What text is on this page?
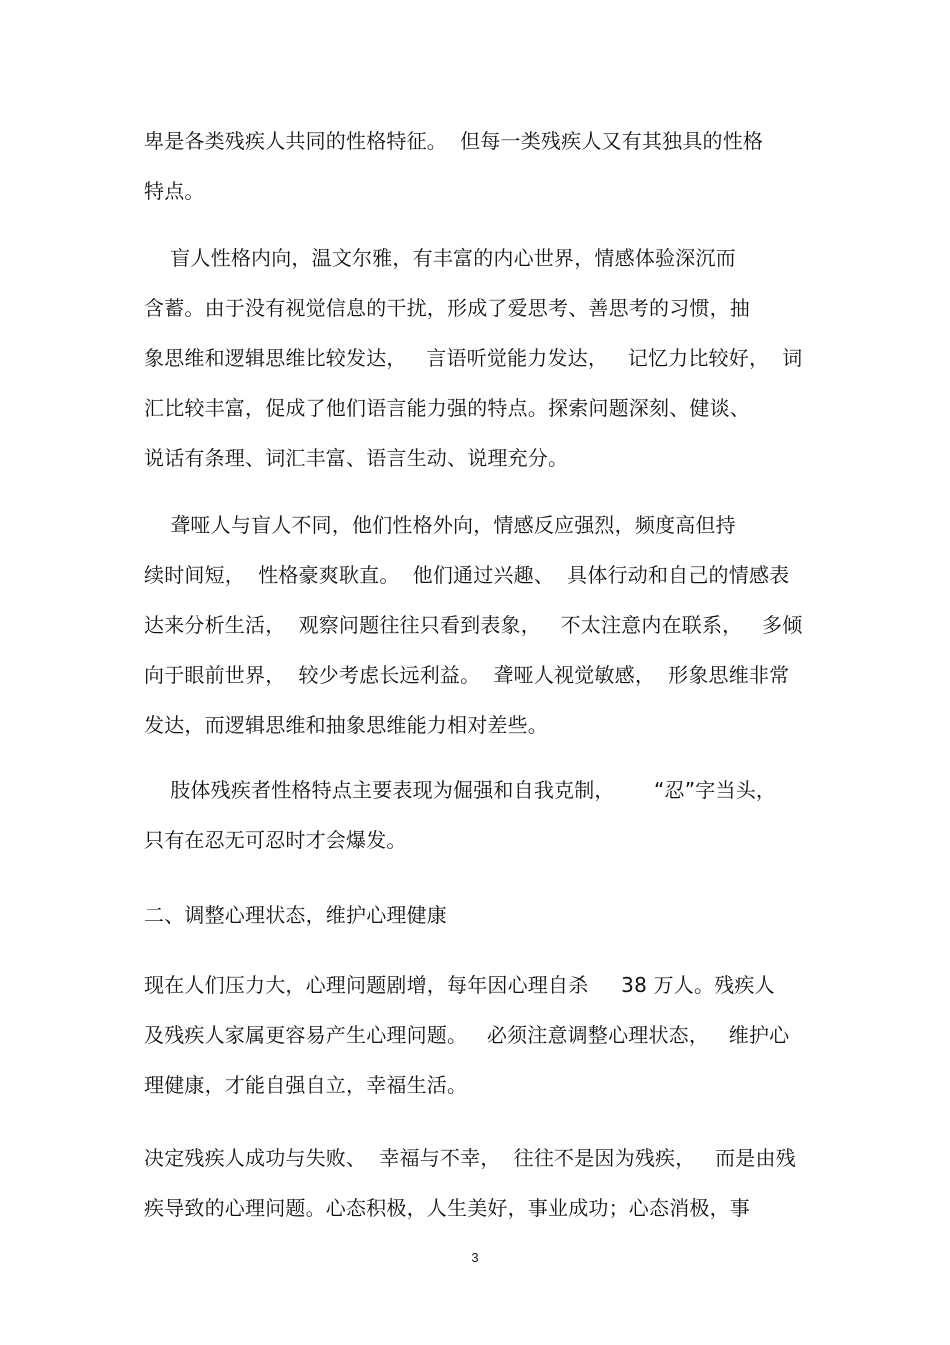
卑是各类残疾人共同的性格特征。  但每一类残疾人又有其独具的性格
特点。
盲人性格内向，温文尔雅，有丰富的内心世界，情感体验深沉而
含蓄。由于没有视觉信息的干扰，形成了爱思考、善思考的习惯，抽
象思维和逻辑思维比较发达，   言语听觉能力发达，   记忆力比较好，  词
汇比较丰富，促成了他们语言能力强的特点。探索问题深刻、健谈、
说话有条理、词汇丰富、语言生动、说理充分。
聋哑人与盲人不同，他们性格外向，情感反应强烈，频度高但持
续时间短，  性格豪爽耿直。  他们通过兴趣、  具体行动和自己的情感表
达来分析生活，  观察问题往往只看到表象，   不太注意内在联系，   多倾
向于眼前世界，  较少考虑长远利益。  聋哑人视觉敏感，  形象思维非常
发达，而逻辑思维和抽象思维能力相对差些。
肢体残疾者性格特点主要表现为倔强和自我克制，      “忍”字当头，
只有在忍无可忍时才会爆发。
二、调整心理状态，维护心理健康
现在人们压力大，心理问题剧增，每年因心理自杀     38 万人。残疾人
及残疾人家属更容易产生心理问题。   必须注意调整心理状态，   维护心
理健康，才能自强自立，幸福生活。
决定残疾人成功与失败、  幸福与不幸，  往往不是因为残疾，   而是由残
疾导致的心理问题。心态积极，人生美好，事业成功；心态消极，事
3
